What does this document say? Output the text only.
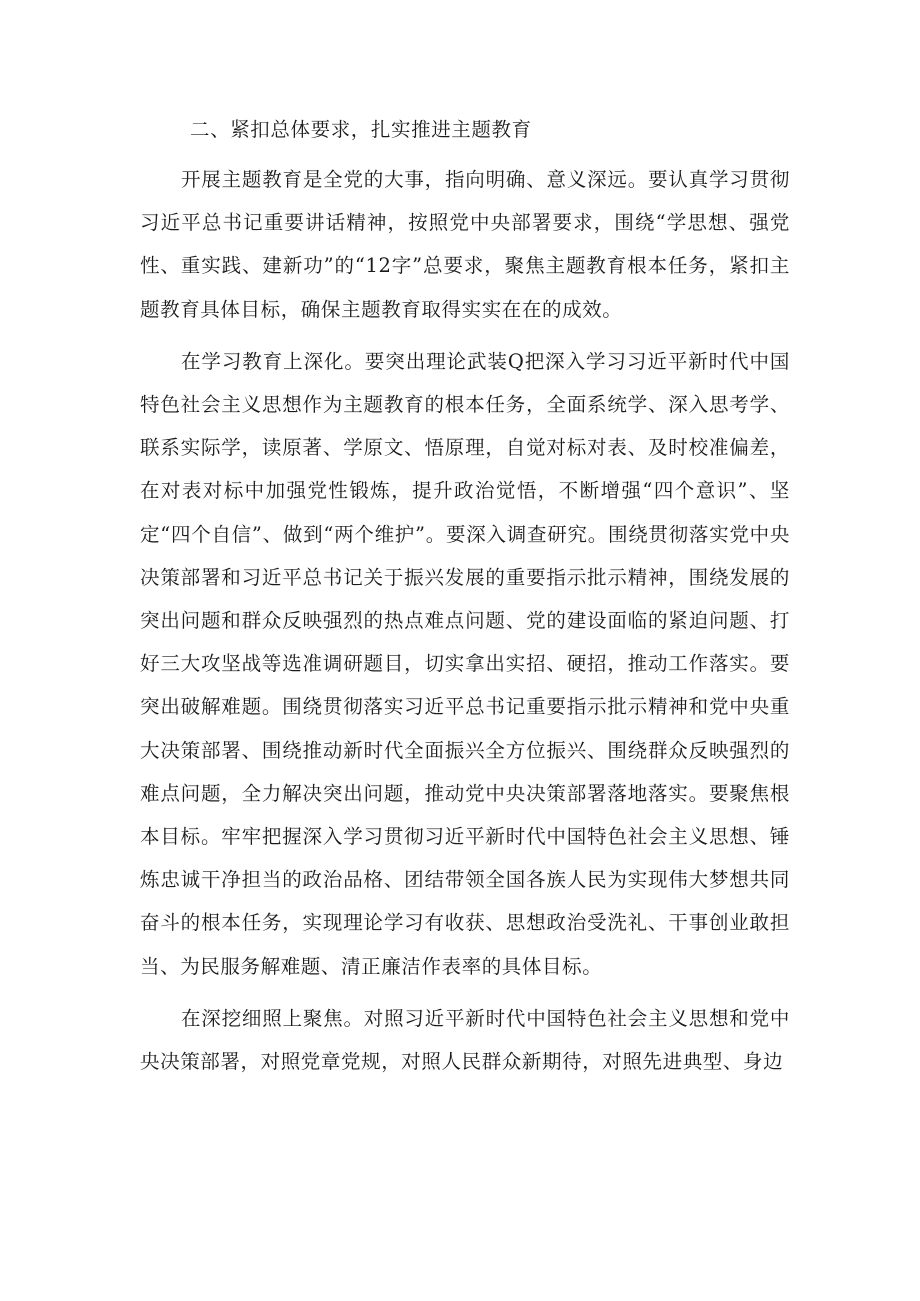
二、紧扣总体要求，扎实推进主题教育

开展主题教育是全党的大事，指向明确、意义深远。要认真学习贯彻习近平总书记重要讲话精神，按照党中央部署要求，围绕“学思想、强党性、重实践、建新功”的“12字”总要求，聚焦主题教育根本任务，紧扣主题教育具体目标，确保主题教育取得实实在在的成效。

在学习教育上深化。要突出理论武装Q把深入学习习近平新时代中国特色社会主义思想作为主题教育的根本任务，全面系统学、深入思考学、联系实际学，读原著、学原文、悟原理，自觉对标对表、及时校准偏差，在对表对标中加强党性锻炼，提升政治觉悟，不断增强“四个意识”、坚定“四个自信”、做到“两个维护”。要深入调查研究。围绕贯彻落实党中央决策部署和习近平总书记关于振兴发展的重要指示批示精神，围绕发展的突出问题和群众反映强烈的热点难点问题、党的建设面临的紧迫问题、打好三大攻坚战等选准调研题目，切实拿出实招、硬招，推动工作落实。要突出破解难题。围绕贯彻落实习近平总书记重要指示批示精神和党中央重大决策部署、围绕推动新时代全面振兴全方位振兴、围绕群众反映强烈的难点问题，全力解决突出问题，推动党中央决策部署落地落实。要聚焦根本目标。牢牢把握深入学习贯彻习近平新时代中国特色社会主义思想、锤炼忠诚干净担当的政治品格、团结带领全国各族人民为实现伟大梦想共同奋斗的根本任务，实现理论学习有收获、思想政治受洗礼、干事创业敢担当、为民服务解难题、清正廉洁作表率的具体目标。

在深挖细照上聚焦。对照习近平新时代中国特色社会主义思想和党中央决策部署，对照党章党规，对照人民群众新期待，对照先进典型、身边
